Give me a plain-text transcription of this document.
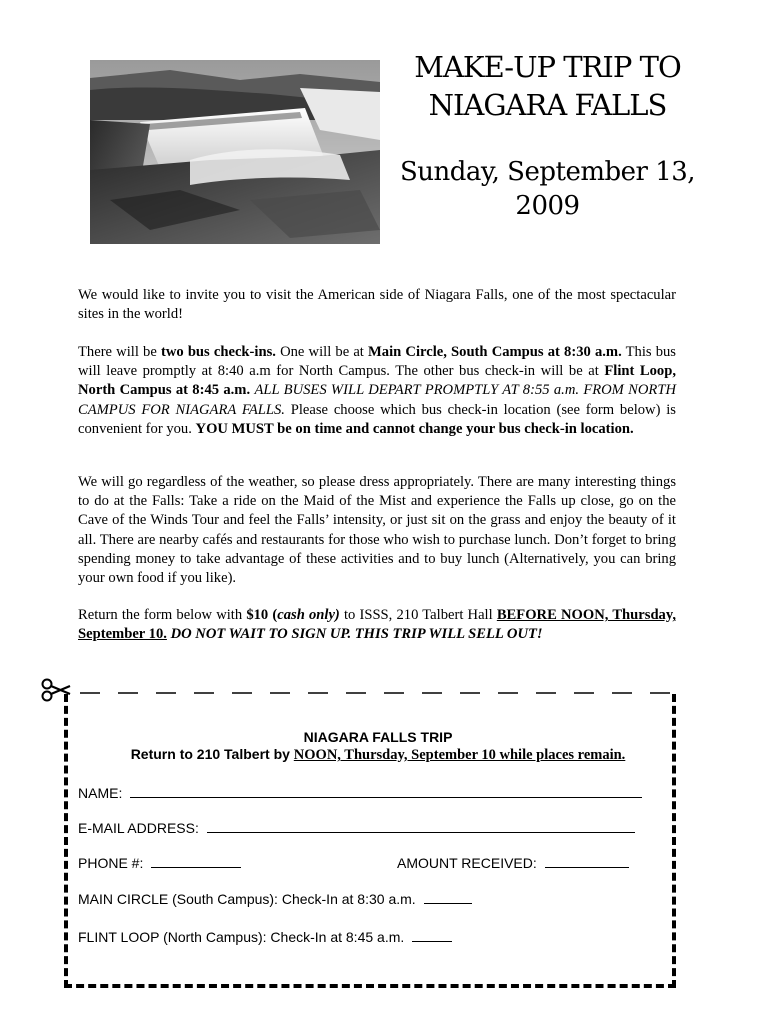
MAKE-UP TRIP TO
NIAGARA FALLS
Sunday, September 13,
2009

We would like to invite you to visit the American side of Niagara Falls, one of the most spectacular sites in the world!

There will be two bus check-ins. One will be at Main Circle, South Campus at 8:30 a.m. This bus will leave promptly at 8:40 a.m for North Campus. The other bus check-in will be at Flint Loop, North Campus at 8:45 a.m. ALL BUSES WILL DEPART PROMPTLY AT 8:55 a.m. FROM NORTH CAMPUS FOR NIAGARA FALLS. Please choose which bus check-in location (see form below) is convenient for you. YOU MUST be on time and cannot change your bus check-in location.

We will go regardless of the weather, so please dress appropriately. There are many interesting things to do at the Falls: Take a ride on the Maid of the Mist and experience the Falls up close, go on the Cave of the Winds Tour and feel the Falls’ intensity, or just sit on the grass and enjoy the beauty of it all. There are nearby cafés and restaurants for those who wish to purchase lunch. Don’t forget to bring spending money to take advantage of these activities and to buy lunch (Alternatively, you can bring your own food if you like).

Return the form below with $10 (cash only) to ISSS, 210 Talbert Hall BEFORE NOON, Thursday, September 10. DO NOT WAIT TO SIGN UP. THIS TRIP WILL SELL OUT!

NIAGARA FALLS TRIP
Return to 210 Talbert by NOON, Thursday, September 10 while places remain.
NAME:
E-MAIL ADDRESS:
PHONE #:	AMOUNT RECEIVED:
MAIN CIRCLE (South Campus): Check-In at 8:30 a.m.
FLINT LOOP (North Campus): Check-In at 8:45 a.m.
